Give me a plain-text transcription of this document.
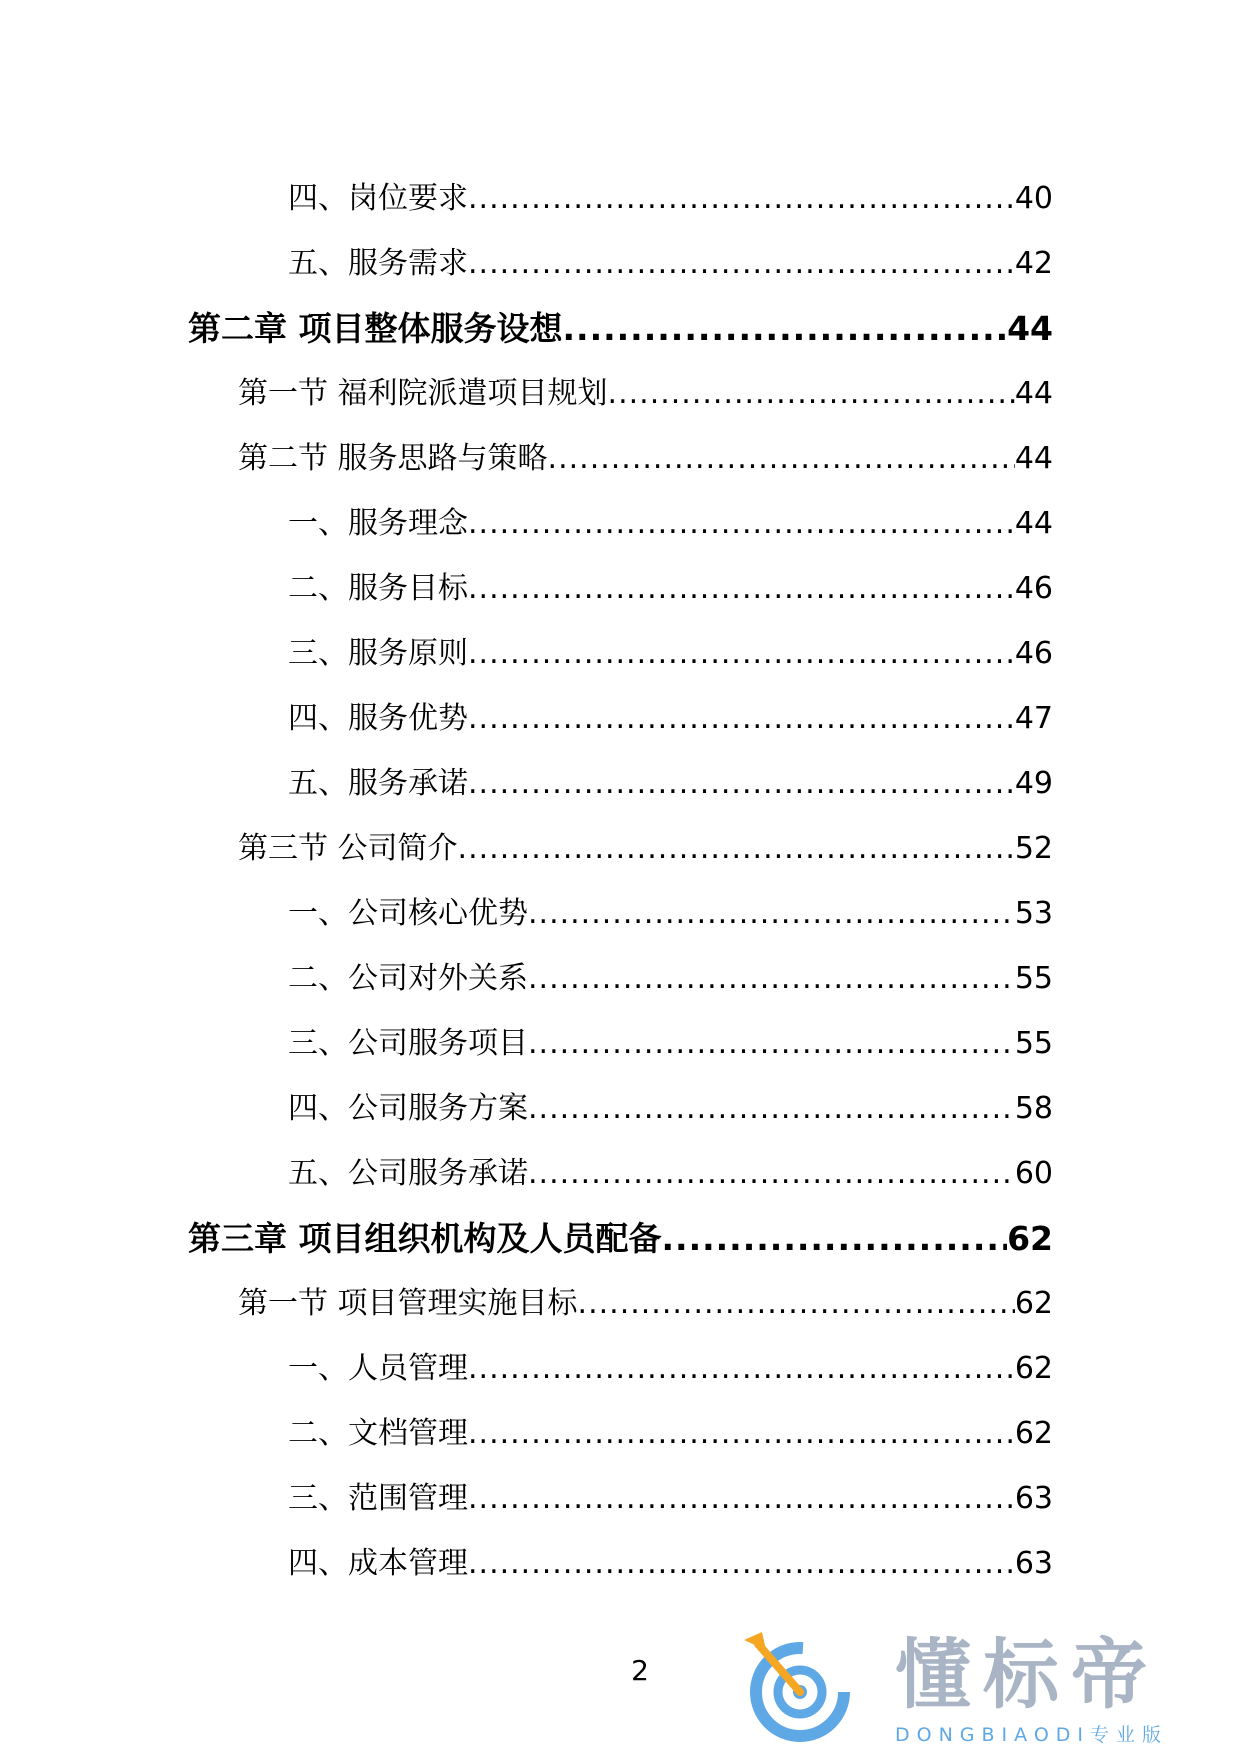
四、岗位要求 .....	40
五、服务需求 .....	42
第二章 项目整体服务设想 .....	44
第一节 福利院派遣项目规划 .....	44
第二节 服务思路与策略 .....	44
一、服务理念 .....	44
二、服务目标 .....	46
三、服务原则 .....	46
四、服务优势 .....	47
五、服务承诺 .....	49
第三节 公司简介 .....	52
一、公司核心优势 .....	53
二、公司对外关系 .....	55
三、公司服务项目 .....	55
四、公司服务方案 .....	58
五、公司服务承诺 .....	60
第三章 项目组织机构及人员配备 .....	62
第一节 项目管理实施目标 .....	62
一、人员管理 .....	62
二、文档管理 .....	62
三、范围管理 .....	63
四、成本管理 .....	63
2	懂标帝
DONGBIAODI专业版
